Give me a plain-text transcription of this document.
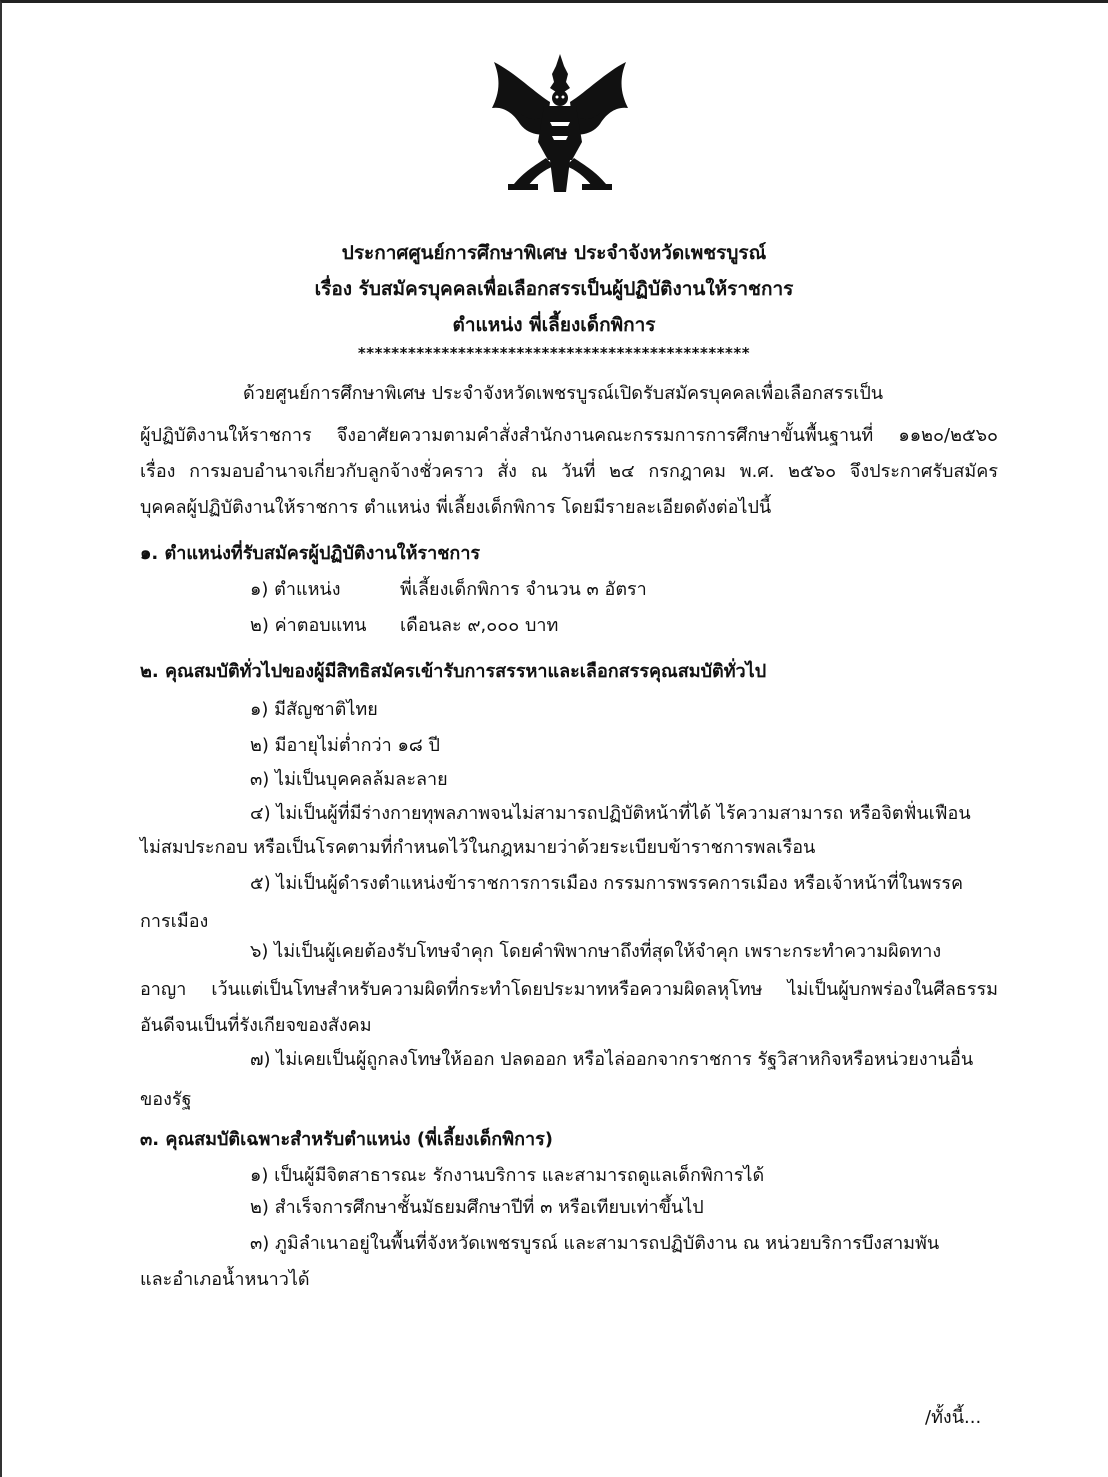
ประกาศศูนย์การศึกษาพิเศษ ประจำจังหวัดเพชรบูรณ์
เรื่อง รับสมัครบุคคลเพื่อเลือกสรรเป็นผู้ปฏิบัติงานให้ราชการ
ตำแหน่ง พี่เลี้ยงเด็กพิการ
***********************************************
ด้วยศูนย์การศึกษาพิเศษ ประจำจังหวัดเพชรบูรณ์เปิดรับสมัครบุคคลเพื่อเลือกสรรเป็น
ผู้ปฏิบัติงานให้ราชการ จึงอาศัยความตามคำสั่งสำนักงานคณะกรรมการการศึกษาขั้นพื้นฐานที่ ๑๑๒๐/๒๕๖๐
เรื่อง การมอบอำนาจเกี่ยวกับลูกจ้างชั่วคราว สั่ง ณ วันที่ ๒๔ กรกฎาคม พ.ศ. ๒๕๖๐ จึงประกาศรับสมัคร
บุคคลผู้ปฏิบัติงานให้ราชการ ตำแหน่ง พี่เลี้ยงเด็กพิการ โดยมีรายละเอียดดังต่อไปนี้
๑. ตำแหน่งที่รับสมัครผู้ปฏิบัติงานให้ราชการ
๑) ตำแหน่ง	พี่เลี้ยงเด็กพิการ จำนวน ๓ อัตรา
๒) ค่าตอบแทน เดือนละ ๙,๐๐๐ บาท
๒. คุณสมบัติทั่วไปของผู้มีสิทธิสมัครเข้ารับการสรรหาและเลือกสรรคุณสมบัติทั่วไป
๑) มีสัญชาติไทย
๒) มีอายุไม่ต่ำกว่า ๑๘ ปี
๓) ไม่เป็นบุคคลล้มละลาย
๔) ไม่เป็นผู้ที่มีร่างกายทุพลภาพจนไม่สามารถปฏิบัติหน้าที่ได้ ไร้ความสามารถ หรือจิตฟั่นเฟือน
ไม่สมประกอบ หรือเป็นโรคตามที่กำหนดไว้ในกฎหมายว่าด้วยระเบียบข้าราชการพลเรือน
๕) ไม่เป็นผู้ดำรงตำแหน่งข้าราชการการเมือง กรรมการพรรคการเมือง หรือเจ้าหน้าที่ในพรรค
การเมือง
๖) ไม่เป็นผู้เคยต้องรับโทษจำคุก โดยคำพิพากษาถึงที่สุดให้จำคุก เพราะกระทำความผิดทาง
อาญา เว้นแต่เป็นโทษสำหรับความผิดที่กระทำโดยประมาทหรือความผิดลหุโทษ ไม่เป็นผู้บกพร่องในศีลธรรม
อันดีจนเป็นที่รังเกียจของสังคม
๗) ไม่เคยเป็นผู้ถูกลงโทษให้ออก ปลดออก หรือไล่ออกจากราชการ รัฐวิสาหกิจหรือหน่วยงานอื่น
ของรัฐ
๓. คุณสมบัติเฉพาะสำหรับตำแหน่ง (พี่เลี้ยงเด็กพิการ)
๑) เป็นผู้มีจิตสาธารณะ รักงานบริการ และสามารถดูแลเด็กพิการได้
๒) สำเร็จการศึกษาชั้นมัธยมศึกษาปีที่ ๓ หรือเทียบเท่าขึ้นไป
๓) ภูมิลำเนาอยู่ในพื้นที่จังหวัดเพชรบูรณ์ และสามารถปฏิบัติงาน ณ หน่วยบริการบึงสามพัน
และอำเภอน้ำหนาวได้
/ทั้งนี้...
